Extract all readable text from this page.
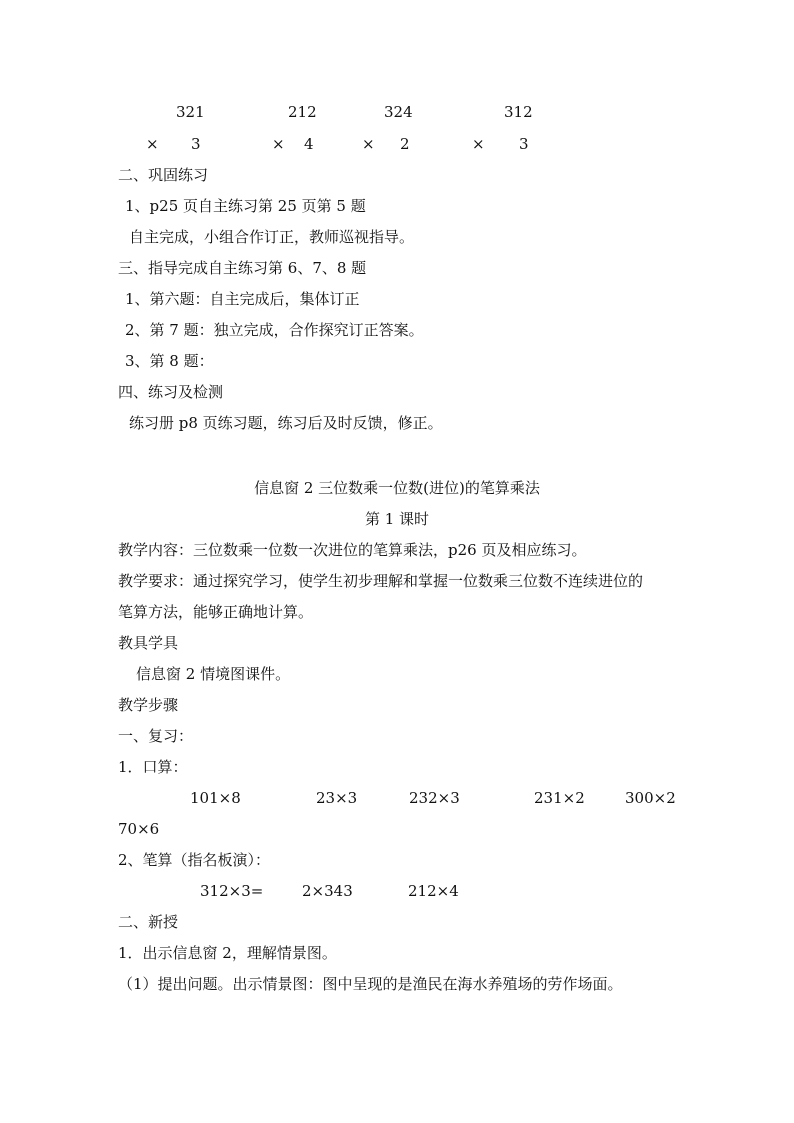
321	212	324	312
× 3	× 4	× 2	× 3
二、巩固练习
1、p25 页自主练习第 25 页第 5 题
自主完成，小组合作订正，教师巡视指导。
三、指导完成自主练习第 6、7、8 题
1、第六题：自主完成后，集体订正
2、第 7 题：独立完成，合作探究订正答案。
3、第 8 题：
四、练习及检测
练习册 p8 页练习题，练习后及时反馈，修正。
信息窗 2 三位数乘一位数(进位)的笔算乘法
第 1 课时
教学内容：三位数乘一位数一次进位的笔算乘法，p26 页及相应练习。
教学要求：通过探究学习，使学生初步理解和掌握一位数乘三位数不连续进位的
笔算方法，能够正确地计算。
教具学具
信息窗 2 情境图课件。
教学步骤
一、复习：
1．口算：
101×8	23×3	232×3	231×2	300×2
70×6
2、笔算（指名板演）：
312×3=	2×343	212×4
二、新授
1．出示信息窗 2，理解情景图。
（1）提出问题。出示情景图：图中呈现的是渔民在海水养殖场的劳作场面。
